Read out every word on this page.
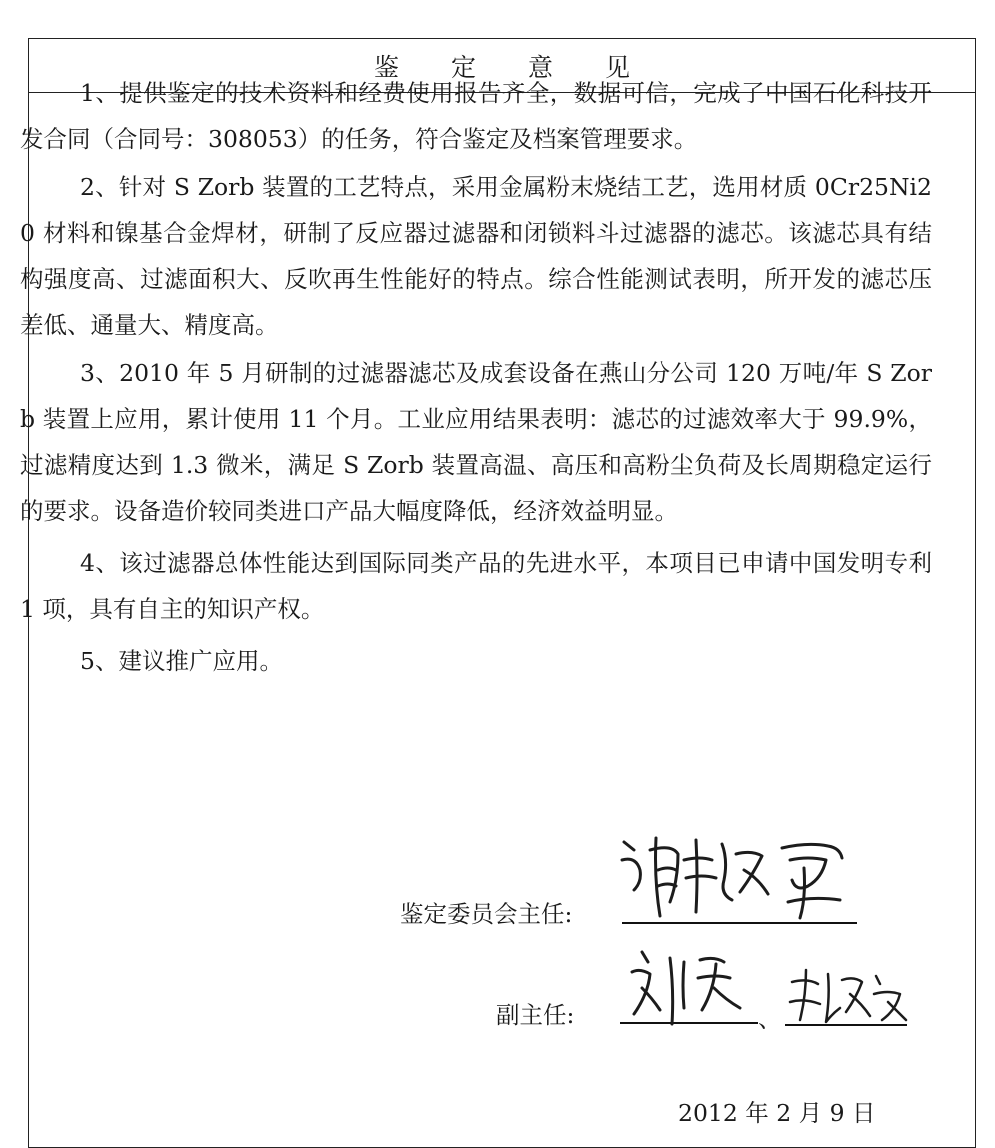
鉴定意见

1、提供鉴定的技术资料和经费使用报告齐全，数据可信，完成了中国石化科技开发合同（合同号：308053）的任务，符合鉴定及档案管理要求。

2、针对 S Zorb 装置的工艺特点，采用金属粉末烧结工艺，选用材质 0Cr25Ni20 材料和镍基合金焊材，研制了反应器过滤器和闭锁料斗过滤器的滤芯。该滤芯具有结构强度高、过滤面积大、反吹再生性能好的特点。综合性能测试表明，所开发的滤芯压差低、通量大、精度高。

3、2010 年 5 月研制的过滤器滤芯及成套设备在燕山分公司 120 万吨/年 S Zorb 装置上应用，累计使用 11 个月。工业应用结果表明：滤芯的过滤效率大于 99.9%，过滤精度达到 1.3 微米，满足 S Zorb 装置高温、高压和高粉尘负荷及长周期稳定运行的要求。设备造价较同类进口产品大幅度降低，经济效益明显。

4、该过滤器总体性能达到国际同类产品的先进水平，本项目已申请中国发明专利 1 项，具有自主的知识产权。

5、建议推广应用。

鉴定委员会主任:
副主任:	、
2012 年 2 月 9 日
